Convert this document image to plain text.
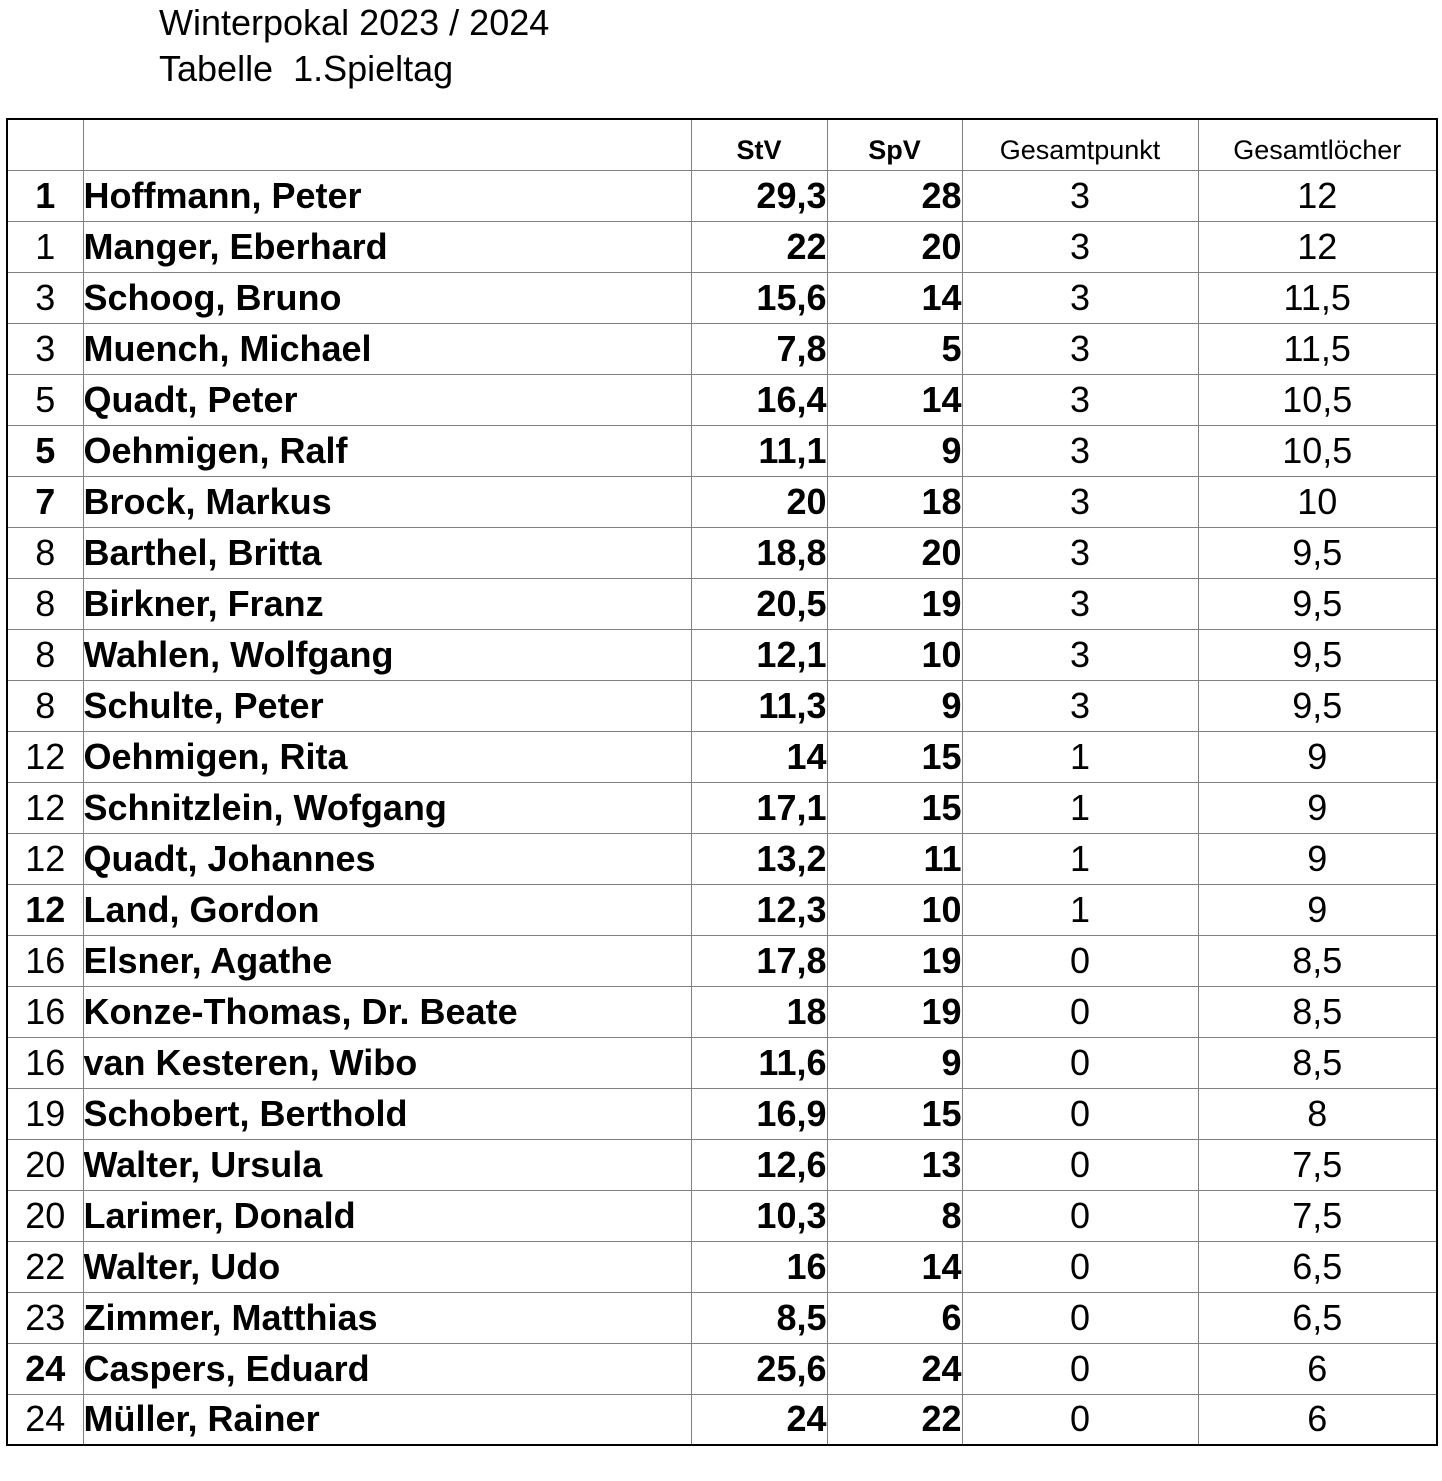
Winterpokal 2023 / 2024
Tabelle  1.Spieltag
		StV	SpV	Gesamtpunkt	Gesamtlöcher
1	Hoffmann, Peter	29,3	28	3	12
1	Manger, Eberhard	22	20	3	12
3	Schoog, Bruno	15,6	14	3	11,5
3	Muench, Michael	7,8	5	3	11,5
5	Quadt, Peter	16,4	14	3	10,5
5	Oehmigen, Ralf	11,1	9	3	10,5
7	Brock, Markus	20	18	3	10
8	Barthel, Britta	18,8	20	3	9,5
8	Birkner, Franz	20,5	19	3	9,5
8	Wahlen, Wolfgang	12,1	10	3	9,5
8	Schulte, Peter	11,3	9	3	9,5
12	Oehmigen, Rita	14	15	1	9
12	Schnitzlein, Wofgang	17,1	15	1	9
12	Quadt, Johannes	13,2	11	1	9
12	Land, Gordon	12,3	10	1	9
16	Elsner, Agathe	17,8	19	0	8,5
16	Konze-Thomas, Dr. Beate	18	19	0	8,5
16	van Kesteren, Wibo	11,6	9	0	8,5
19	Schobert, Berthold	16,9	15	0	8
20	Walter, Ursula	12,6	13	0	7,5
20	Larimer, Donald	10,3	8	0	7,5
22	Walter, Udo	16	14	0	6,5
23	Zimmer, Matthias	8,5	6	0	6,5
24	Caspers, Eduard	25,6	24	0	6
24	Müller, Rainer	24	22	0	6
